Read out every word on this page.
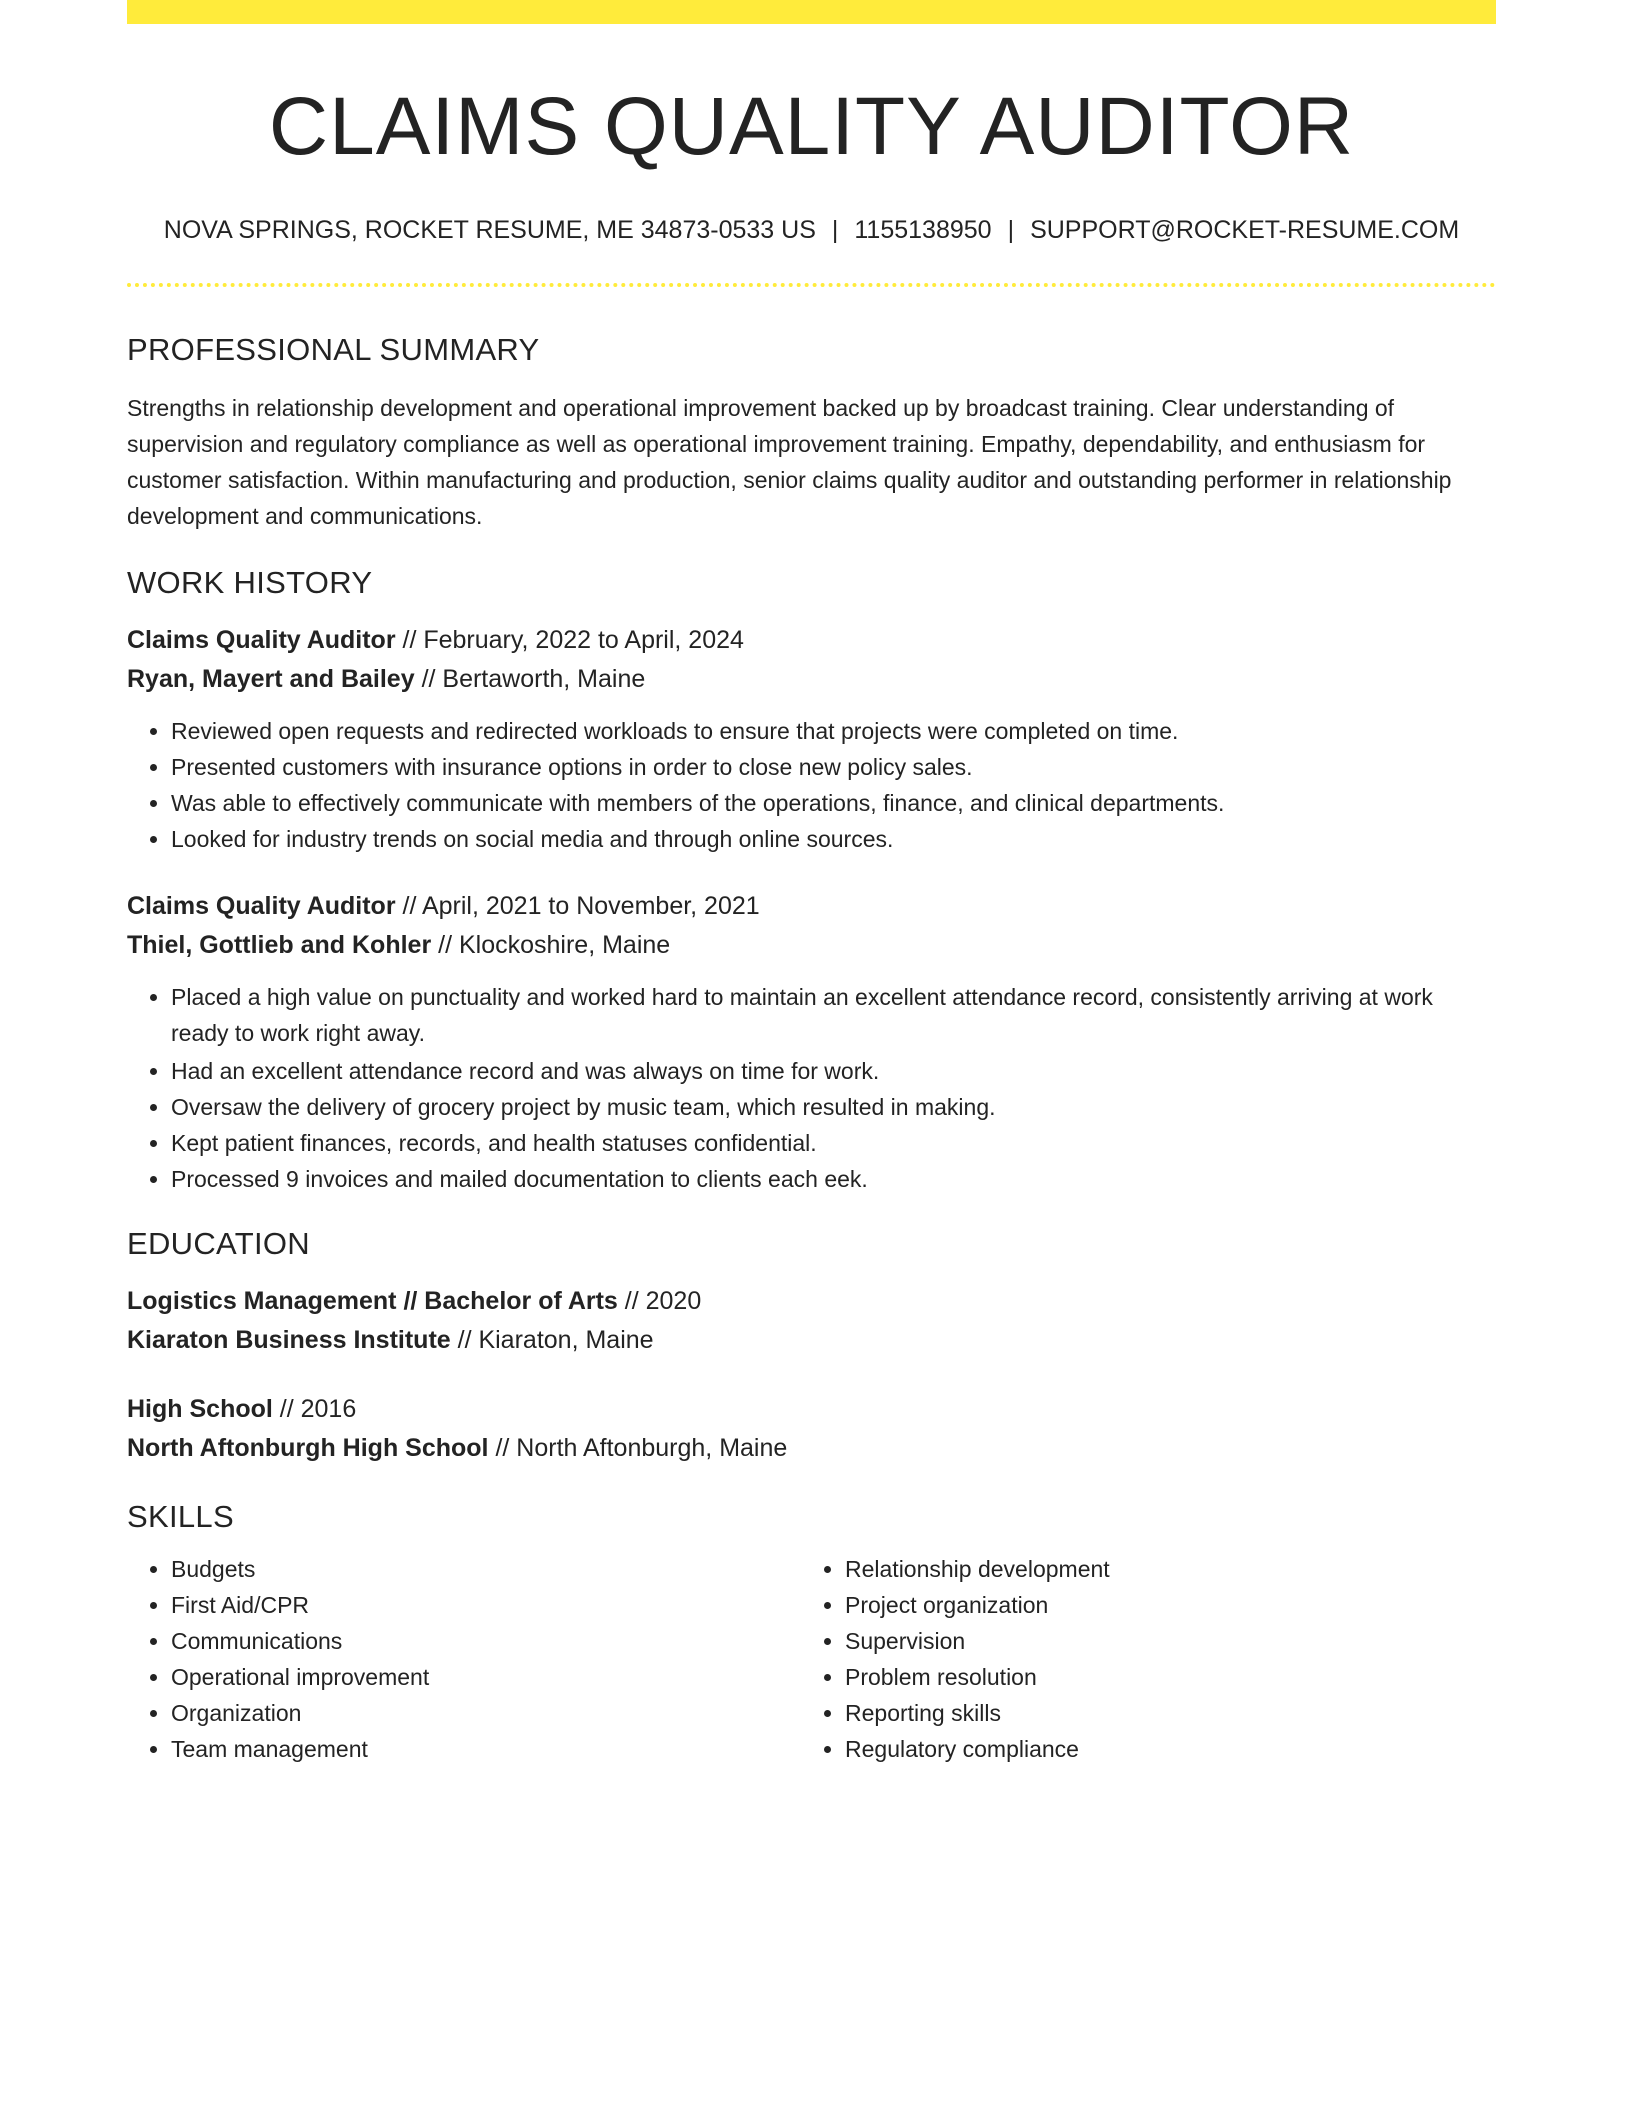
CLAIMS QUALITY AUDITOR
NOVA SPRINGS, ROCKET RESUME, ME 34873-0533 US | 1155138950 | SUPPORT@ROCKET-RESUME.COM
PROFESSIONAL SUMMARY
Strengths in relationship development and operational improvement backed up by broadcast training. Clear understanding of supervision and regulatory compliance as well as operational improvement training. Empathy, dependability, and enthusiasm for customer satisfaction. Within manufacturing and production, senior claims quality auditor and outstanding performer in relationship development and communications.
WORK HISTORY
Claims Quality Auditor // February, 2022 to April, 2024
Ryan, Mayert and Bailey // Bertaworth, Maine
• Reviewed open requests and redirected workloads to ensure that projects were completed on time.
• Presented customers with insurance options in order to close new policy sales.
• Was able to effectively communicate with members of the operations, finance, and clinical departments.
• Looked for industry trends on social media and through online sources.
Claims Quality Auditor // April, 2021 to November, 2021
Thiel, Gottlieb and Kohler // Klockoshire, Maine
• Placed a high value on punctuality and worked hard to maintain an excellent attendance record, consistently arriving at work ready to work right away.
• Had an excellent attendance record and was always on time for work.
• Oversaw the delivery of grocery project by music team, which resulted in making.
• Kept patient finances, records, and health statuses confidential.
• Processed 9 invoices and mailed documentation to clients each eek.
EDUCATION
Logistics Management // Bachelor of Arts // 2020
Kiaraton Business Institute // Kiaraton, Maine
High School // 2016
North Aftonburgh High School // North Aftonburgh, Maine
SKILLS
• Budgets
• First Aid/CPR
• Communications
• Operational improvement
• Organization
• Team management
• Relationship development
• Project organization
• Supervision
• Problem resolution
• Reporting skills
• Regulatory compliance
